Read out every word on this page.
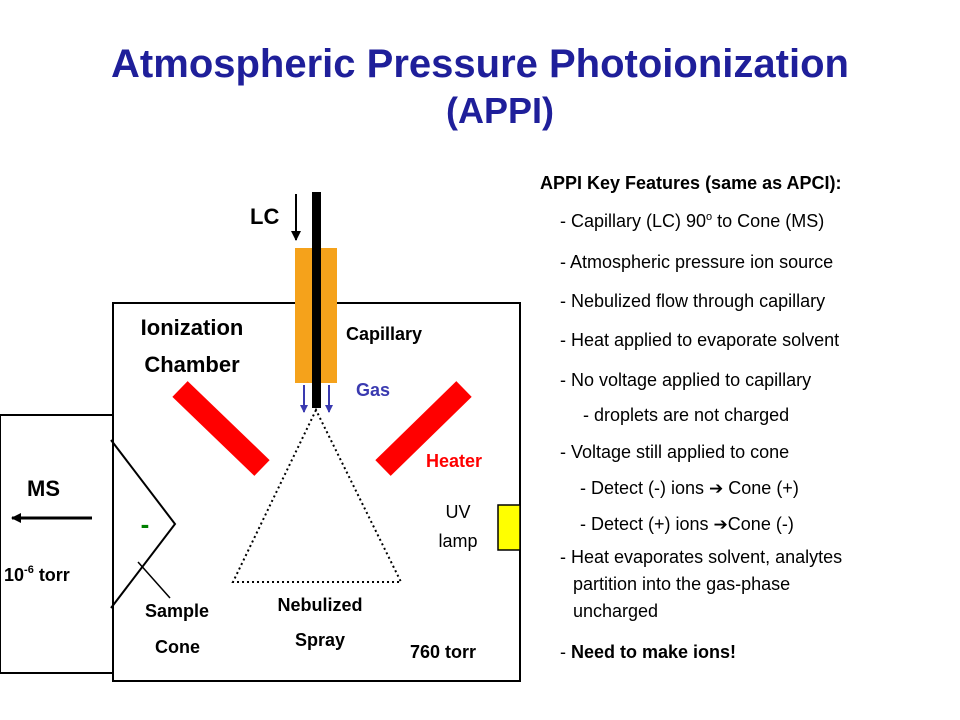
Atmospheric Pressure Photoionization
(APPI)
-
LC
Ionization
Chamber
Capillary
Gas
Heater
UV
lamp
MS
$10^{-6}$ torr
Sample
Cone
Nebulized
Spray
760 torr
APPI Key Features (same as APCI):
- Capillary (LC) 90$^o$ to Cone (MS)
- Atmospheric pressure ion source
- Nebulized flow through capillary
- Heat applied to evaporate solvent
- No voltage applied to capillary
- droplets are not charged
- Voltage still applied to cone
- Detect (-) ions ➔ Cone (+)
- Detect (+) ions ➔Cone (-)
- Heat evaporates solvent, analytes
partition into the gas-phase
uncharged
- Need to make ions!
